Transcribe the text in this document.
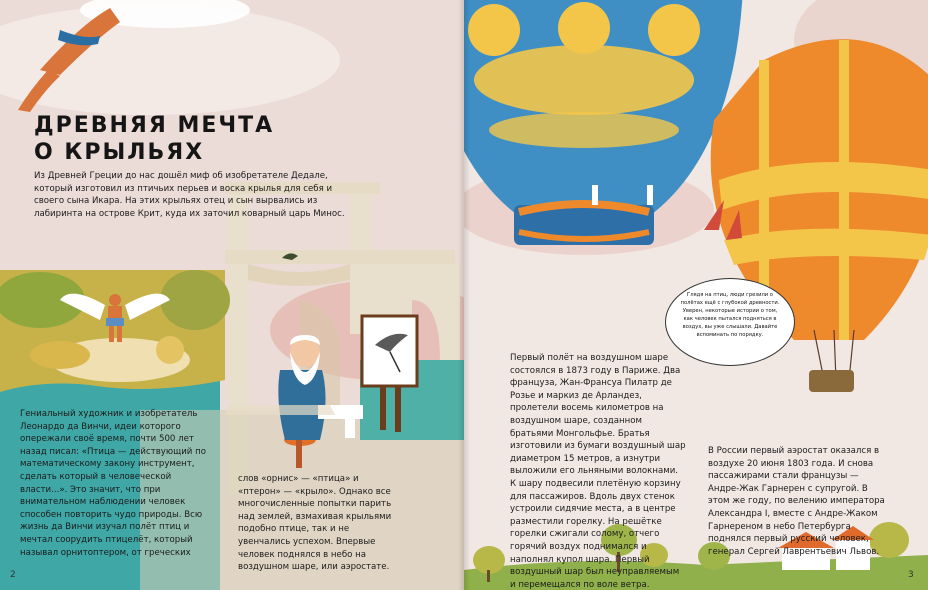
ДРЕВНЯЯ МЕЧТА
О КРЫЛЬЯХ

Из Древней Греции до нас дошёл миф об изобретателе Дедале, который изготовил из птичьих перьев и воска крылья для себя и своего сына Икара. На этих крыльях отец и сын вырвались из лабиринта на острове Крит, куда их заточил коварный царь Минос.

Гениальный художник и изобретатель Леонардо да Винчи, идеи которого опережали своё время, почти 500 лет назад писал: «Птица — действующий по математическому закону инструмент, сделать который в человеческой власти...». Это значит, что при внимательном наблюдении человек способен повторить чудо природы. Всю жизнь да Винчи изучал полёт птиц и мечтал соорудить птицелёт, который называл орнитоптером, от греческих

слов «орнис» — «птица» и «птерон» — «крыло». Однако все многочисленные попытки парить над землей, взмахивая крыльями подобно птице, так и не увенчались успехом. Впервые человек поднялся в небо на воздушном шаре, или аэростате.

2

Первый полёт на воздушном шаре состоялся в 1873 году в Париже. Два француза, Жан-Франсуа Пилатр де Розье и маркиз де Арландез, пролетели восемь километров на воздушном шаре, созданном братьями Монгольфье. Братья изготовили из бумаги воздушный шар диаметром 15 метров, а изнутри выложили его льняными волокнами. К шару подвесили плетёную корзину для пассажиров. Вдоль двух стенок устроили сидячие места, а в центре разместили горелку. На решётке горелки сжигали солому, отчего горячий воздух поднимался и наполнял купол шара. Первый воздушный шар был неуправляемым и перемещался по воле ветра.

В России первый аэростат оказался в воздухе 20 июня 1803 года. И снова пассажирами стали французы — Андре-Жак Гарнерен с супругой. В этом же году, по велению императора Александра I, вместе с Андре-Жаком Гарнереном в небо Петербурга поднялся первый русский человек, генерал Сергей Лаврентьевич Львов.

Глядя на птиц, люди грезили о полётах ещё с глубокой древности. Уверен, некоторые истории о том, как человек пытался подняться в воздух, вы уже слышали. Давайте вспоминать по порядку.

3
